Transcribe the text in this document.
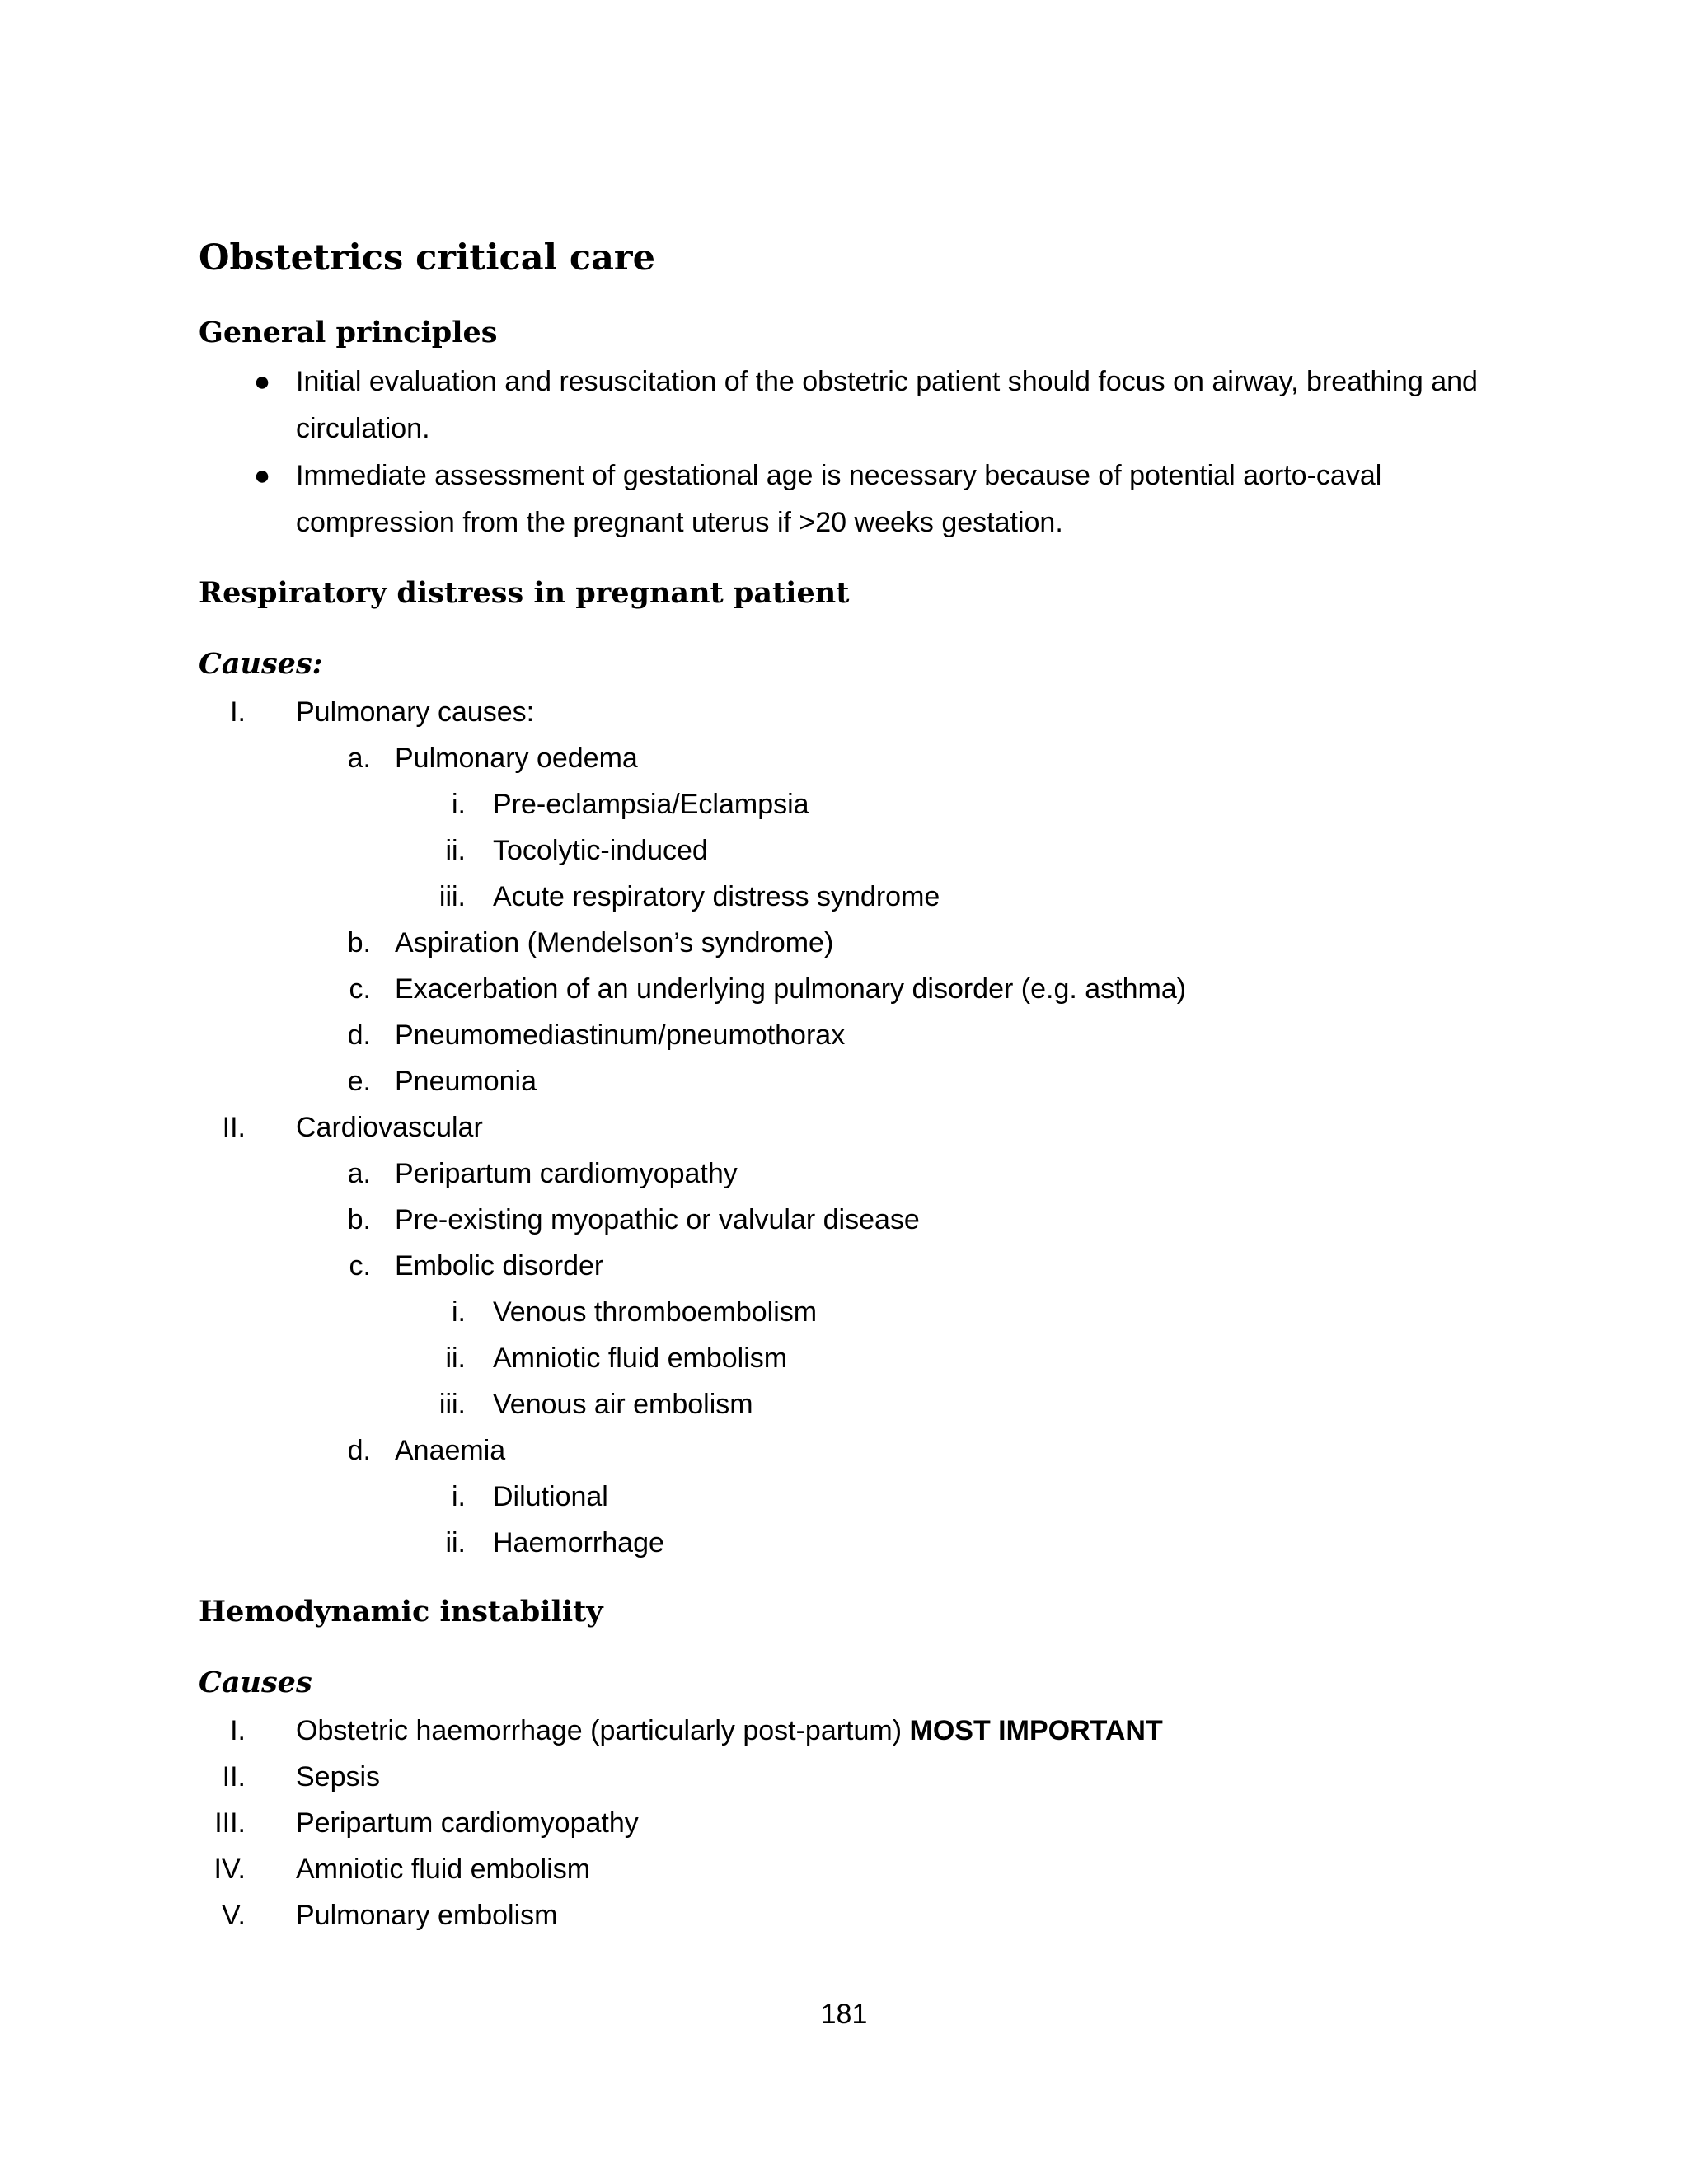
Obstetrics critical care
General principles
● Initial evaluation and resuscitation of the obstetric patient should focus on airway, breathing and circulation.
● Immediate assessment of gestational age is necessary because of potential aorto-caval compression from the pregnant uterus if >20 weeks gestation.
Respiratory distress in pregnant patient
Causes:
I. Pulmonary causes:
a. Pulmonary oedema
i. Pre-eclampsia/Eclampsia
ii. Tocolytic-induced
iii. Acute respiratory distress syndrome
b. Aspiration (Mendelson’s syndrome)
c. Exacerbation of an underlying pulmonary disorder (e.g. asthma)
d. Pneumomediastinum/pneumothorax
e. Pneumonia
II. Cardiovascular
a. Peripartum cardiomyopathy
b. Pre-existing myopathic or valvular disease
c. Embolic disorder
i. Venous thromboembolism
ii. Amniotic fluid embolism
iii. Venous air embolism
d. Anaemia
i. Dilutional
ii. Haemorrhage
Hemodynamic instability
Causes
I. Obstetric haemorrhage (particularly post-partum) MOST IMPORTANT
II. Sepsis
III. Peripartum cardiomyopathy
IV. Amniotic fluid embolism
V. Pulmonary embolism
181
